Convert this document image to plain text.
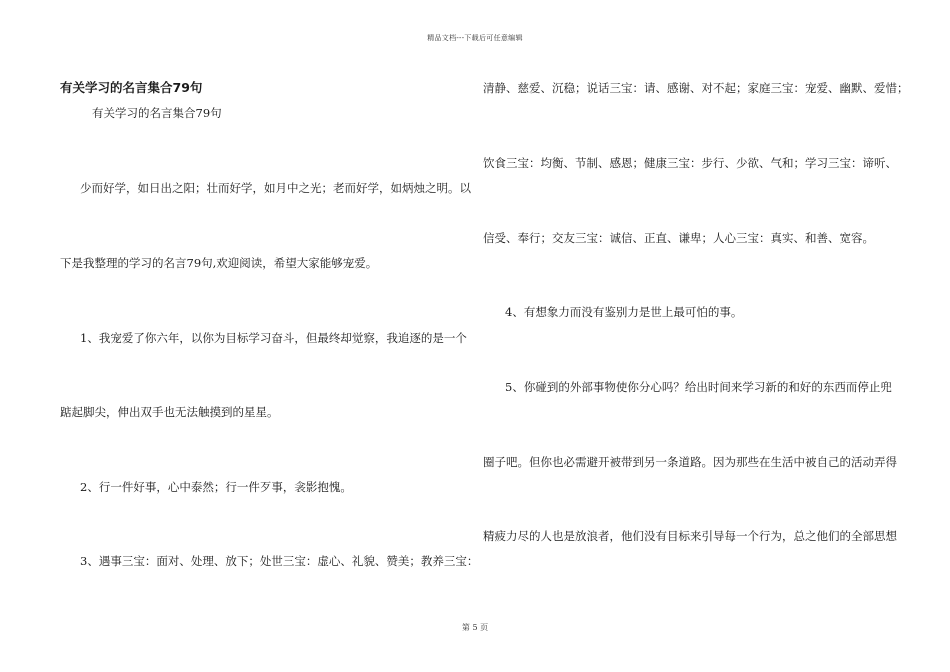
精品文档---下载后可任意编辑
有关学习的名言集合79句
有关学习的名言集合79句
少而好学，如日出之阳；壮而好学，如月中之光；老而好学，如炳烛之明。以
下是我整理的学习的名言79句,欢迎阅读，希望大家能够宠爱。
1、我宠爱了你六年，以你为目标学习奋斗，但最终却觉察，我追逐的是一个
踮起脚尖，伸出双手也无法触摸到的星星。
2、行一件好事，心中泰然；行一件歹事，衾影抱愧。
3、遇事三宝：面对、处理、放下；处世三宝：虚心、礼貌、赞美；教养三宝：
清静、慈爱、沉稳；说话三宝：请、感谢、对不起；家庭三宝：宠爱、幽默、爱惜；
饮食三宝：均衡、节制、感恩；健康三宝：步行、少欲、气和；学习三宝：谛听、
信受、奉行；交友三宝：诚信、正直、谦卑；人心三宝：真实、和善、宽容。
4、有想象力而没有鉴别力是世上最可怕的事。
5、你碰到的外部事物使你分心吗？给出时间来学习新的和好的东西而停止兜
圈子吧。但你也必需避开被带到另一条道路。因为那些在生活中被自己的活动弄得
精疲力尽的人也是放浪者，他们没有目标来引导每一个行为，总之他们的全部思想
第 5 页
